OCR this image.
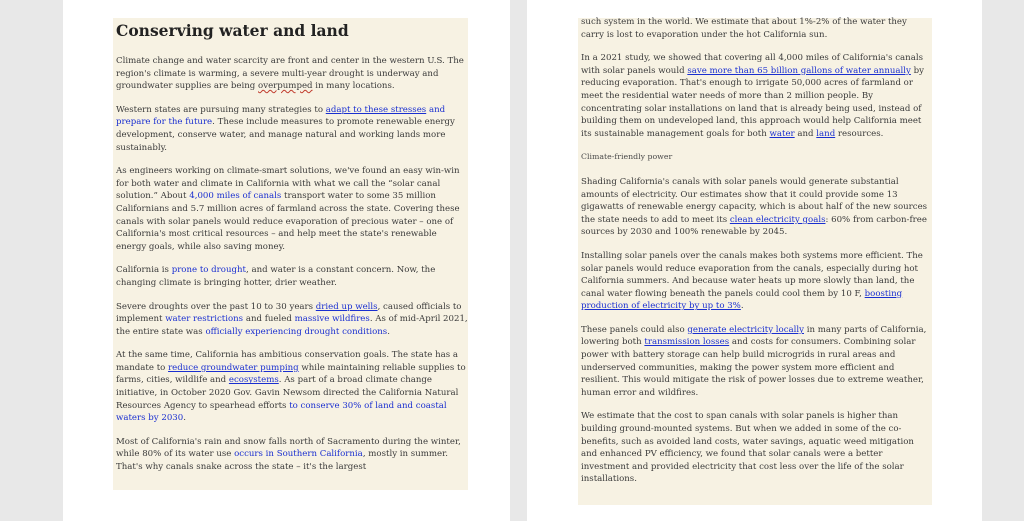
Conserving water and land

Climate change and water scarcity are front and center in the western U.S. The region's climate is warming, a severe multi-year drought is underway and groundwater supplies are being overpumped in many locations.

Western states are pursuing many strategies to adapt to these stresses and prepare for the future. These include measures to promote renewable energy development, conserve water, and manage natural and working lands more sustainably.

As engineers working on climate-smart solutions, we've found an easy win-win for both water and climate in California with what we call the “solar canal solution.” About 4,000 miles of canals transport water to some 35 million Californians and 5.7 million acres of farmland across the state. Covering these canals with solar panels would reduce evaporation of precious water – one of California's most critical resources – and help meet the state's renewable energy goals, while also saving money.

California is prone to drought, and water is a constant concern. Now, the changing climate is bringing hotter, drier weather.

Severe droughts over the past 10 to 30 years dried up wells, caused officials to implement water restrictions and fueled massive wildfires. As of mid-April 2021, the entire state was officially experiencing drought conditions.

At the same time, California has ambitious conservation goals. The state has a mandate to reduce groundwater pumping while maintaining reliable supplies to farms, cities, wildlife and ecosystems. As part of a broad climate change initiative, in October 2020 Gov. Gavin Newsom directed the California Natural Resources Agency to spearhead efforts to conserve 30% of land and coastal waters by 2030.

Most of California's rain and snow falls north of Sacramento during the winter, while 80% of its water use occurs in Southern California, mostly in summer. That's why canals snake across the state – it's the largest

such system in the world. We estimate that about 1%-2% of the water they carry is lost to evaporation under the hot California sun.

In a 2021 study, we showed that covering all 4,000 miles of California's canals with solar panels would save more than 65 billion gallons of water annually by reducing evaporation. That's enough to irrigate 50,000 acres of farmland or meet the residential water needs of more than 2 million people. By concentrating solar installations on land that is already being used, instead of building them on undeveloped land, this approach would help California meet its sustainable management goals for both water and land resources.

Climate-friendly power

Shading California's canals with solar panels would generate substantial amounts of electricity. Our estimates show that it could provide some 13 gigawatts of renewable energy capacity, which is about half of the new sources the state needs to add to meet its clean electricity goals: 60% from carbon-free sources by 2030 and 100% renewable by 2045.

Installing solar panels over the canals makes both systems more efficient. The solar panels would reduce evaporation from the canals, especially during hot California summers. And because water heats up more slowly than land, the canal water flowing beneath the panels could cool them by 10 F, boosting production of electricity by up to 3%.

These panels could also generate electricity locally in many parts of California, lowering both transmission losses and costs for consumers. Combining solar power with battery storage can help build microgrids in rural areas and underserved communities, making the power system more efficient and resilient. This would mitigate the risk of power losses due to extreme weather, human error and wildfires.

We estimate that the cost to span canals with solar panels is higher than building ground-mounted systems. But when we added in some of the co-benefits, such as avoided land costs, water savings, aquatic weed mitigation and enhanced PV efficiency, we found that solar canals were a better investment and provided electricity that cost less over the life of the solar installations.
